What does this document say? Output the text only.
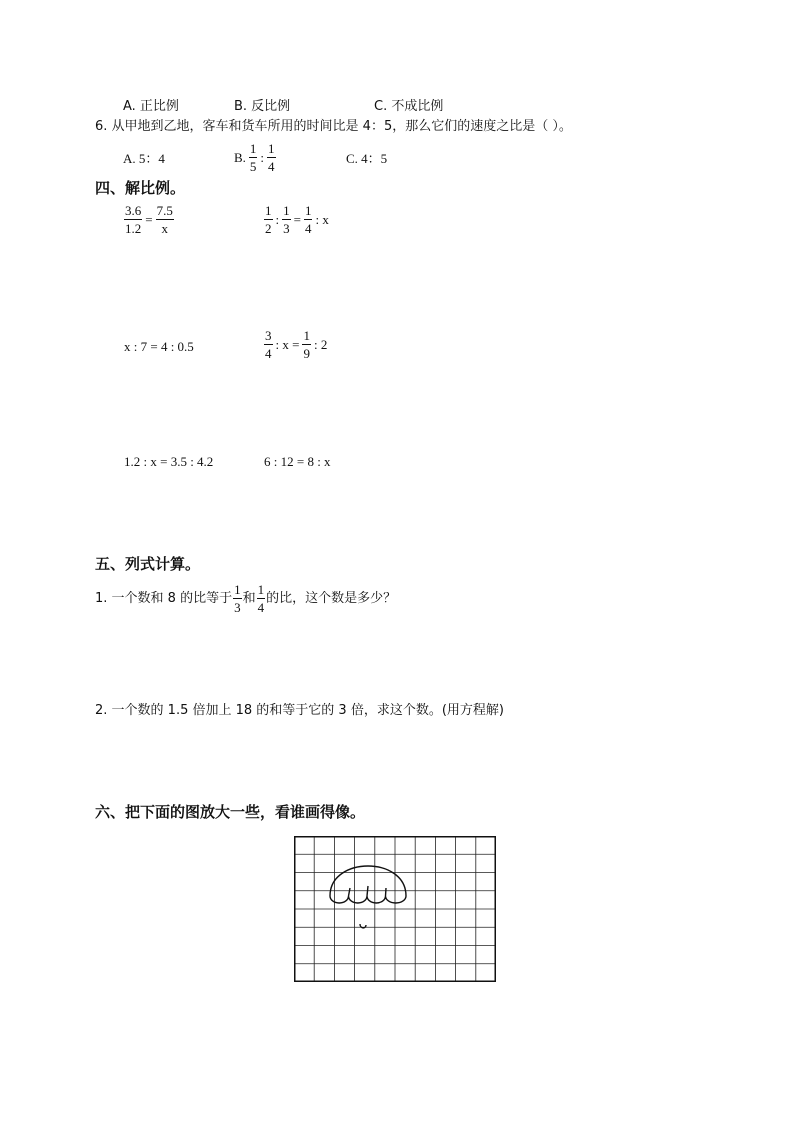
A. 正比例	B. 反比例	C. 不成比例
6. 从甲地到乙地，客车和货车所用的时间比是 4：5，那么它们的速度之比是（ ）。
A. 5：4	B. $\frac{1}{5}$ : $\frac{1}{4}$	C. 4：5
四、解比例。
$\frac{3.6}{1.2} = \frac{7.5}{x}$	$\frac{1}{2}$ : $\frac{1}{3} = \frac{1}{4}$ : x
x : 7 = 4 : 0.5	$\frac{3}{4}$ : $x = \frac{1}{9}$ : 2
1.2 : x = 3.5 : 4.2	6 : 12 = 8 : x
五、列式计算。
1. 一个数和 8 的比等于 $\frac{1}{3}$ 和 $\frac{1}{4}$ 的比，这个数是多少？
2. 一个数的 1.5 倍加上 18 的和等于它的 3 倍，求这个数。(用方程解)
六、把下面的图放大一些，看谁画得像。
